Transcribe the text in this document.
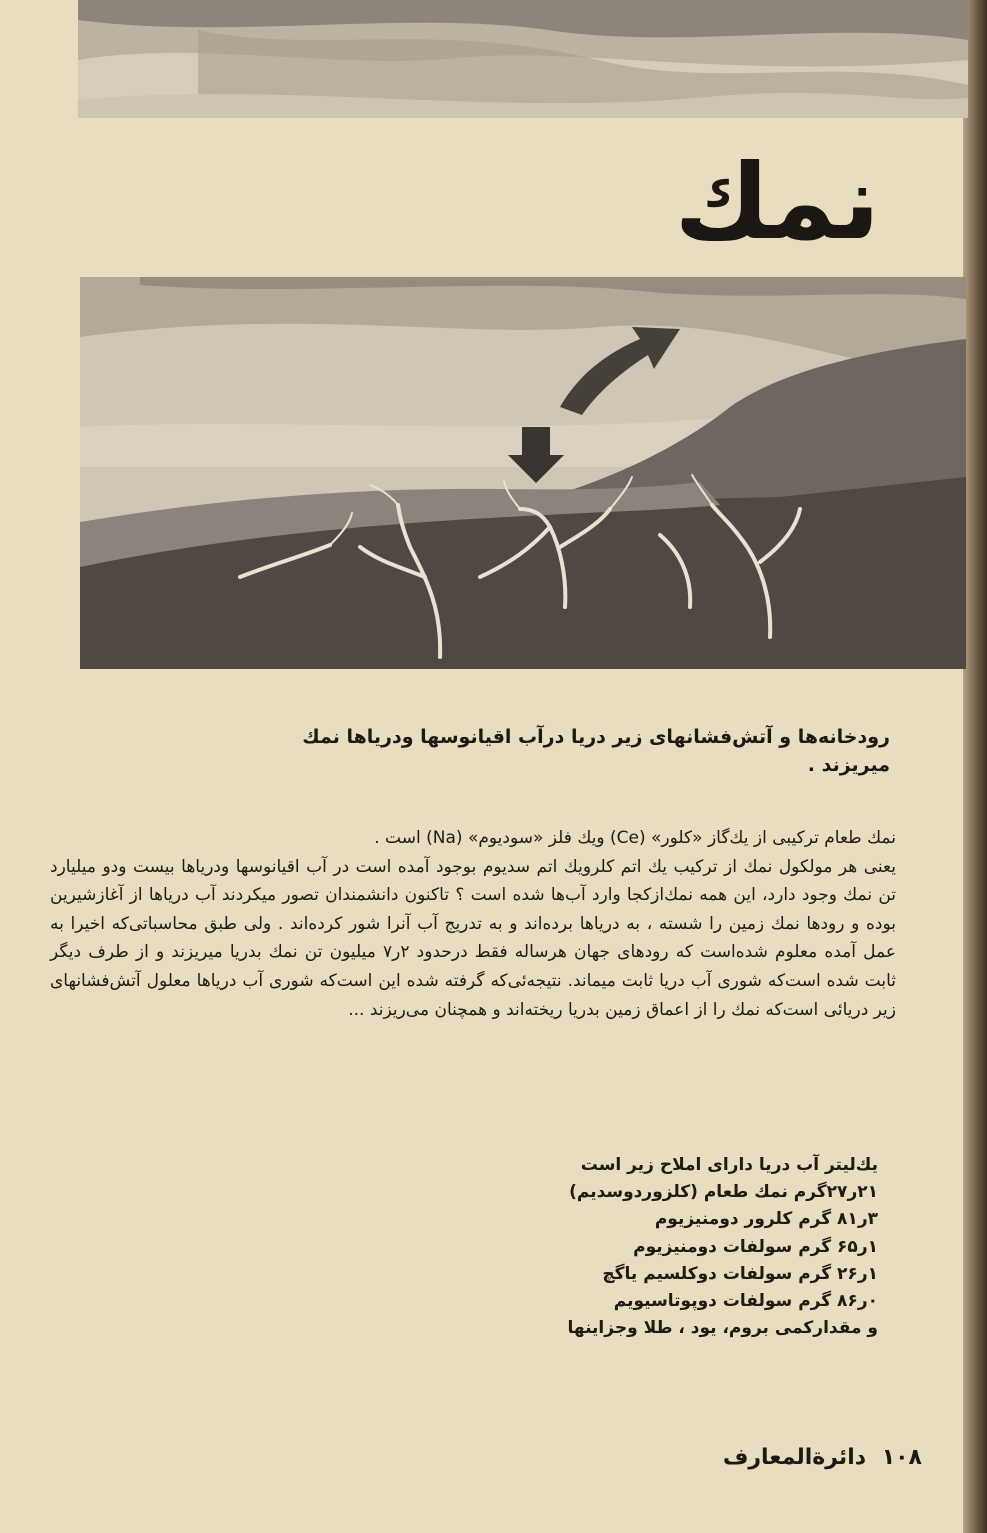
نمك
رودخانه‌ها و آتش‌فشانهای زیر دریا درآب اقیانوسها ودریاها نمك میریزند .

نمك طعام تركیبی از یك‌گاز «كلور» (Ce) ویك فلز «سودیوم» (Na) است .

یعنی هر مولكول نمك از تركیب یك اتم كلرویك اتم سدیوم بوجود آمده است در آب اقیانوسها ودریاها بیست ودو میلیارد تن نمك وجود دارد، این همه نمك‌ازكجا وارد آب‌ها شده است ؟ تاكنون دانشمندان تصور میكردند آب دریاها از آغازشیرین بوده و رودها نمك زمین را شسته ، به دریاها برده‌اند و به تدریج آب آنرا شور كرده‌اند . ولی طبق محاسباتی‌كه اخیرا به عمل آمده معلوم شده‌است كه رودهای جهان هرساله فقط درحدود ۲ر۷ میلیون تن نمك بدریا میریزند و از طرف دیگر ثابت شده است‌كه شوری آب دریا ثابت میماند. نتیجه‌ئی‌كه گرفته شده این است‌كه شوری آب دریاها معلول آتش‌فشانهای زیر دریائی است‌كه نمك را از اعماق زمین بدریا ریخته‌اند و همچنان می‌ریزند ...

یك‌لیتر آب دریا دارای املاح زیر است
۲۱ر۲۷گرم نمك طعام (كلزوردوسدیم)
۳ر۸۱ گرم كلرور دومنیزیوم
۱ر۶۵ گرم سولفات دومنیزیوم
۱ر۲۶ گرم سولفات دوكلسیم یاگچ
۰ر۸۶ گرم سولفات دوپوتاسیویم
و مقداركمی بروم، یود ، طلا وجزاینها
۱۰۸ دائرةالمعارف
